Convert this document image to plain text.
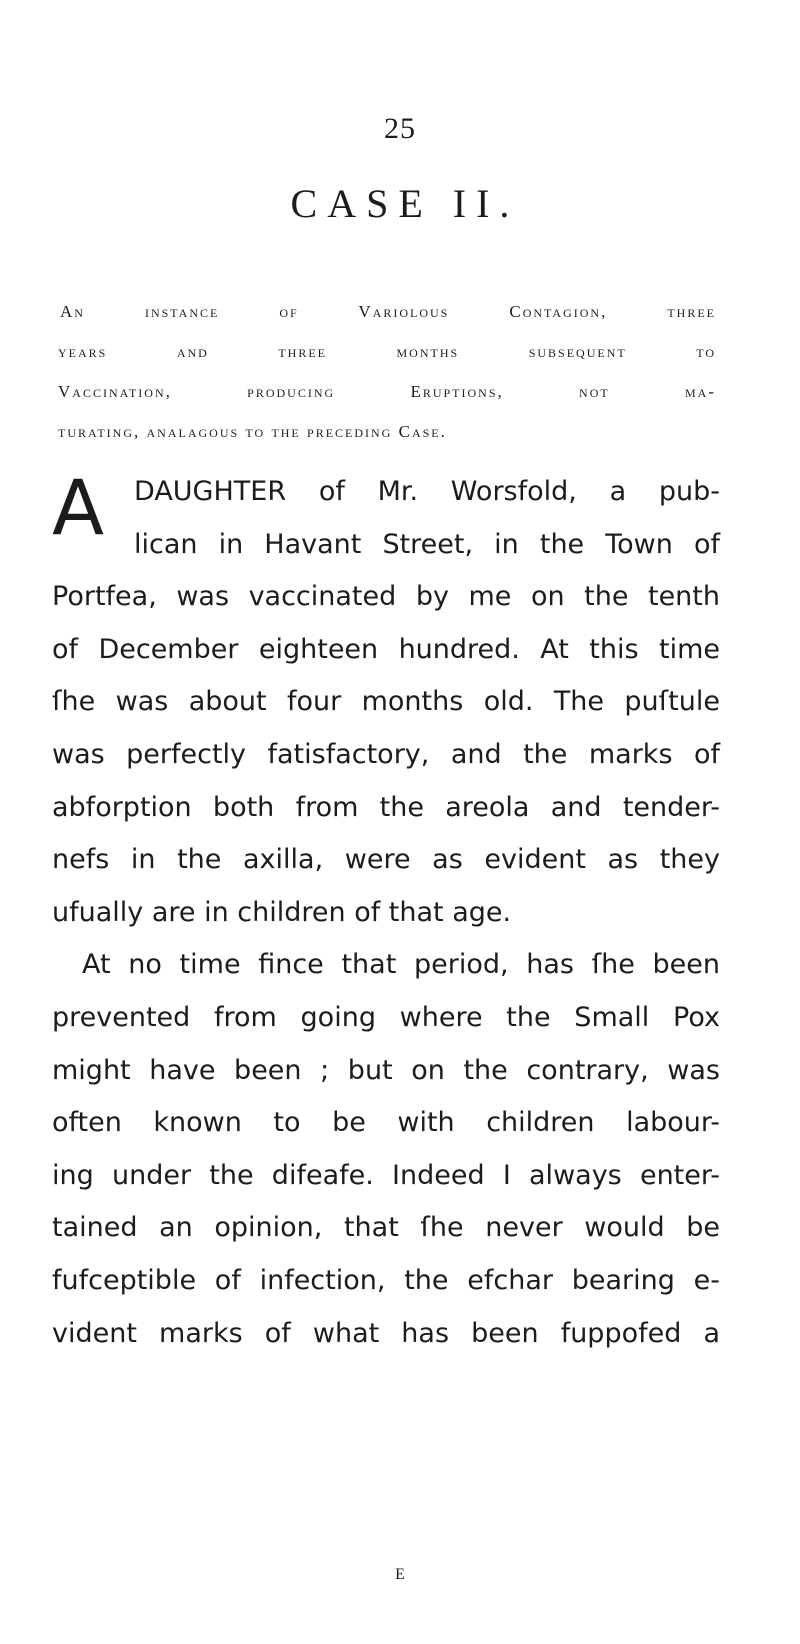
25
CASE II.
An instance of Variolous Contagion, three
years and three months subsequent to
Vaccination, producing Eruptions, not ma-
turating, analagous to the preceding Case.
A	DAUGHTER of Mr. Worsfold, a pub-
lican in Havant Street, in the Town of
Portfea, was vaccinated by me on the tenth
of December eighteen hundred. At this time
ſhe was about four months old. The puſtule
was perfectly fatisfactory, and the marks of
abforption both from the areola and tender-
nefs in the axilla, were as evident as they
ufually are in children of that age.
At no time fince that period, has ſhe been
prevented from going where the Small Pox
might have been ; but on the contrary, was
often known to be with children labour-
ing under the difeafe. Indeed I always enter-
tained an opinion, that ſhe never would be
fufceptible of infection, the efchar bearing e-
vident marks of what has been fuppofed a
E
